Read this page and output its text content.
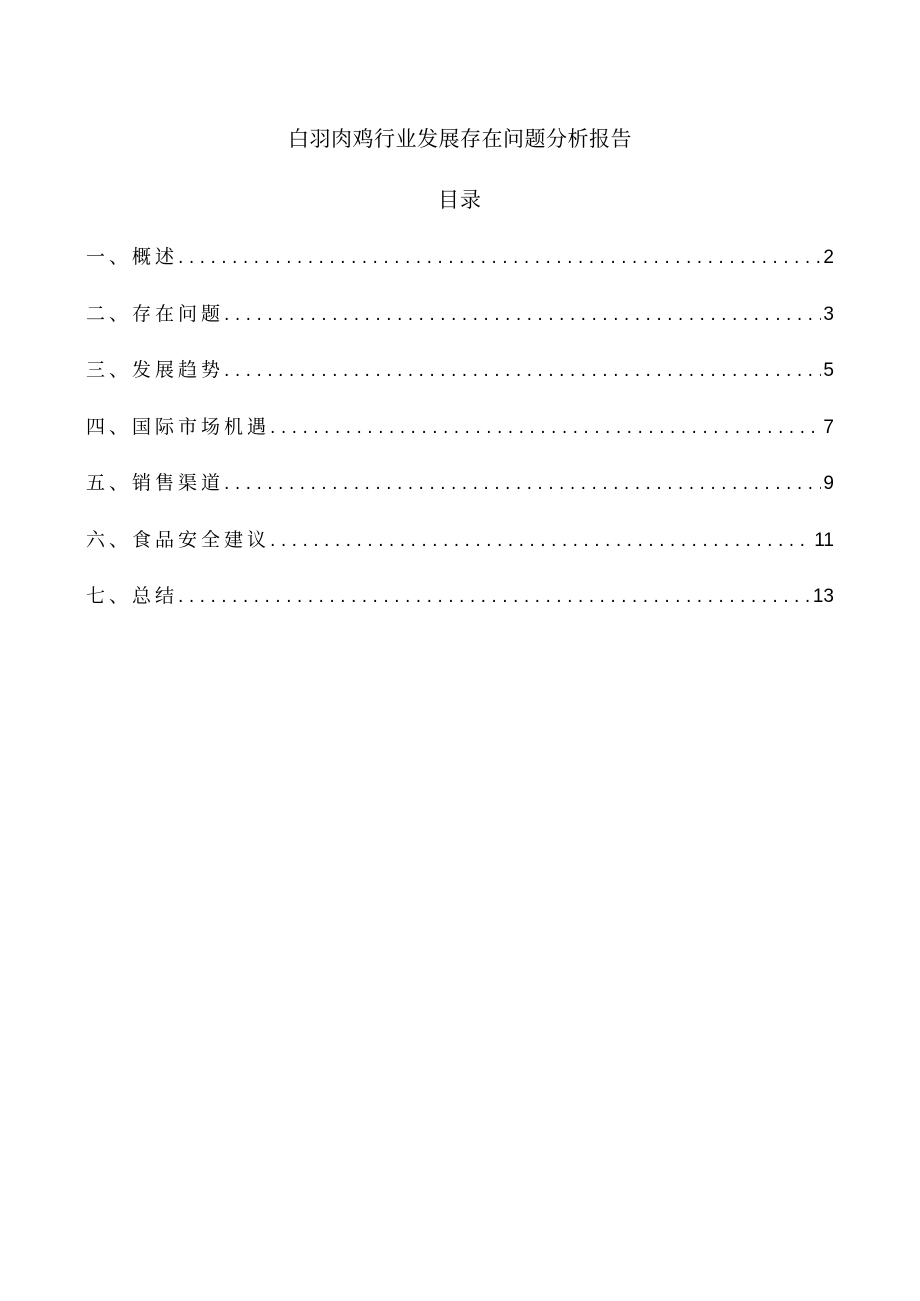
白羽肉鸡行业发展存在问题分析报告
目录
一、概述 . . .	2
二、存在问题 . . .	3
三、发展趋势 . . .	5
四、国际市场机遇 . . .	7
五、销售渠道 . . .	9
六、食品安全建议 . . .	11
七、总结 . . .	13
